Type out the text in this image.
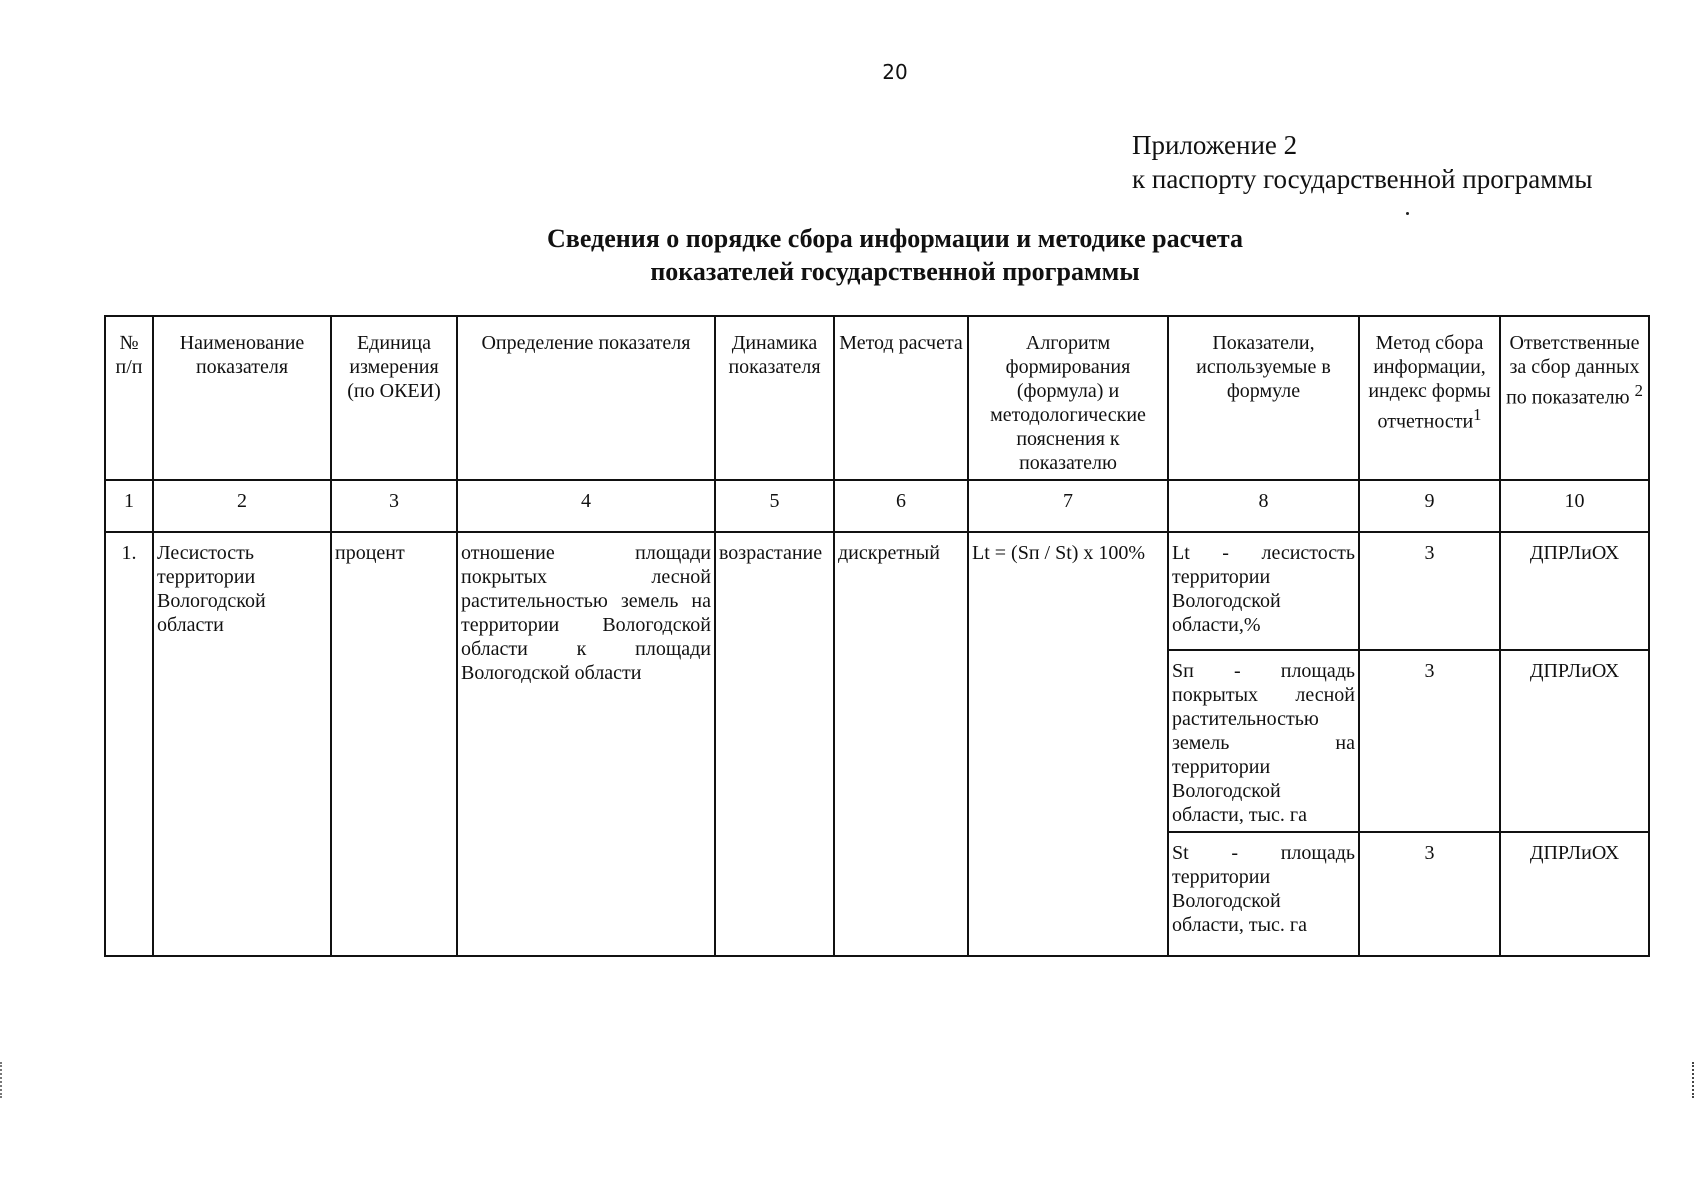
20
Приложение 2
к паспорту государственной программы
Сведения о порядке сбора информации и методике расчета
показателей государственной программы
№ п/п	Наименование показателя	Единица измерения (по ОКЕИ)	Определение показателя	Динамика показателя	Метод расчета	Алгоритм формирования (формула) и методологические пояснения к показателю	Показатели, используемые в формуле	Метод сбора информации, индекс формы отчетности$^1$	Ответственные за сбор данных по показателю $^2$
1	2	3	4	5	6	7	8	9	10
1.	Лесистость территории Вологодской области	процент	отношение площади покрытых лесной растительностью земель на территории Вологодской области к площади Вологодской области	возрастание	дискретный	Lt = (Sп / St) х 100%	Lt - лесистость территории Вологодской области,%	3	ДПРЛиОХ
							Sп - площадь покрытых лесной растительностью земель на территории Вологодской области, тыс. га	3	ДПРЛиОХ
							St - площадь территории Вологодской области, тыс. га	3	ДПРЛиОХ
